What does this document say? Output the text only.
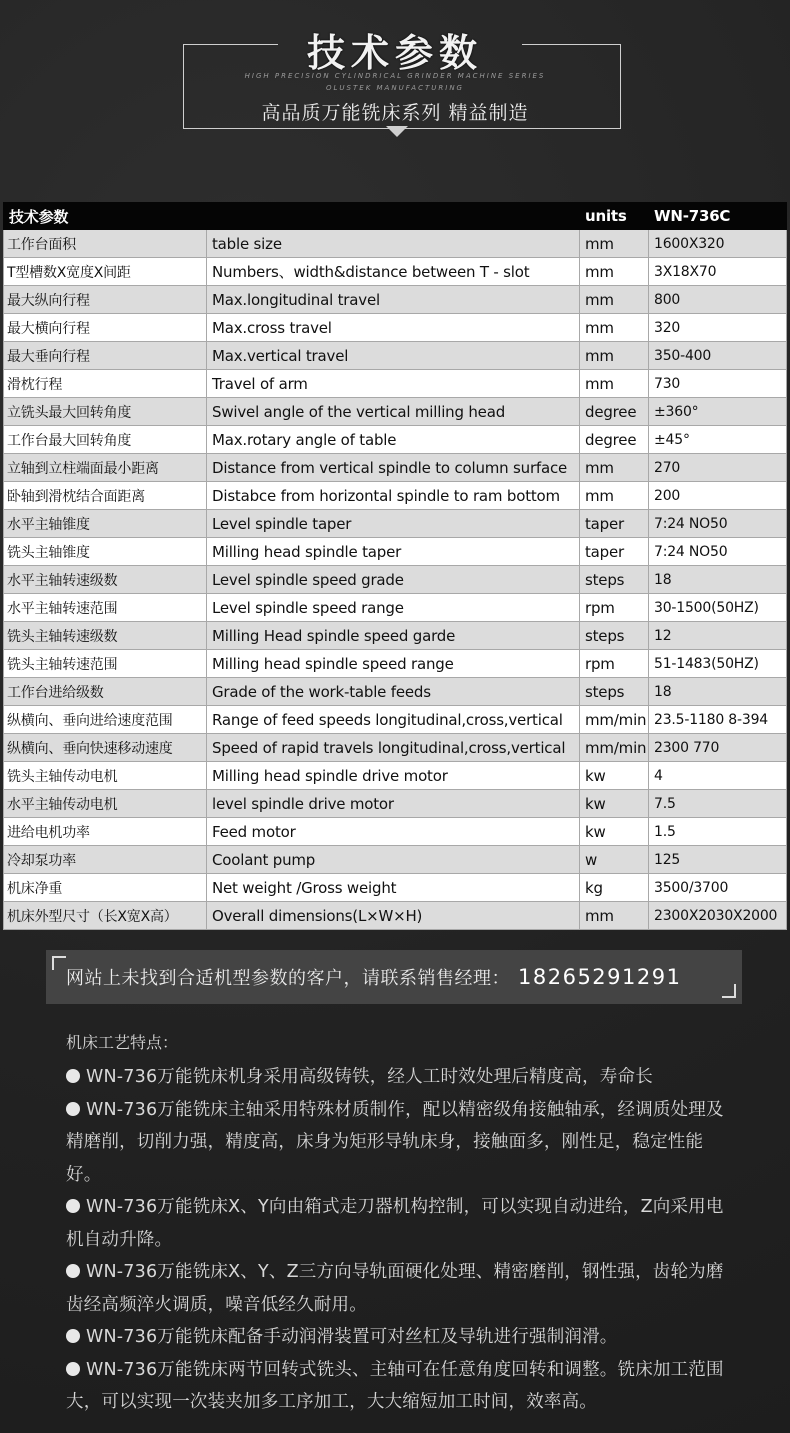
技术参数
HIGH PRECISION CYLINDRICAL GRINDER MACHINE SERIES
OLUSTEK MANUFACTURING
高品质万能铣床系列 精益制造
技术参数		units	WN-736C
工作台面积	table size	mm	1600X320
T型槽数X宽度X间距	Numbers、width&distance between T - slot	mm	3X18X70
最大纵向行程	Max.longitudinal travel	mm	800
最大横向行程	Max.cross travel	mm	320
最大垂向行程	Max.vertical travel	mm	350-400
滑枕行程	Travel of arm	mm	730
立铣头最大回转角度	Swivel angle of the vertical milling head	degree	±360°
工作台最大回转角度	Max.rotary angle of table	degree	±45°
立轴到立柱端面最小距离	Distance from vertical spindle to column surface	mm	270
卧轴到滑枕结合面距离	Distabce from horizontal spindle to ram bottom	mm	200
水平主轴锥度	Level spindle taper	taper	7:24 NO50
铣头主轴锥度	Milling head spindle taper	taper	7:24 NO50
水平主轴转速级数	Level spindle speed grade	steps	18
水平主轴转速范围	Level spindle speed range	rpm	30-1500(50HZ)
铣头主轴转速级数	Milling Head spindle speed garde	steps	12
铣头主轴转速范围	Milling head spindle speed range	rpm	51-1483(50HZ)
工作台进给级数	Grade of the work-table feeds	steps	18
纵横向、垂向进给速度范围	Range of feed speeds longitudinal,cross,vertical	mm/min	23.5-1180 8-394
纵横向、垂向快速移动速度	Speed of rapid travels longitudinal,cross,vertical	mm/min	2300 770
铣头主轴传动电机	Milling head spindle drive motor	kw	4
水平主轴传动电机	level spindle drive motor	kw	7.5
进给电机功率	Feed motor	kw	1.5
冷却泵功率	Coolant pump	w	125
机床净重	Net weight /Gross weight	kg	3500/3700
机床外型尺寸（长X宽X高）	Overall dimensions(L×W×H)	mm	2300X2030X2000
网站上未找到合适机型参数的客户，请联系销售经理： 18265291291
机床工艺特点：
WN-736万能铣床机身采用高级铸铁，经人工时效处理后精度高，寿命长
WN-736万能铣床主轴采用特殊材质制作，配以精密级角接触轴承，经调质处理及精磨削，切削力强，精度高，床身为矩形导轨床身，接触面多，刚性足，稳定性能好。
WN-736万能铣床X、Y向由箱式走刀器机构控制，可以实现自动进给，Z向采用电机自动升降。
WN-736万能铣床X、Y、Z三方向导轨面硬化处理、精密磨削，钢性强，齿轮为磨齿经高频淬火调质，噪音低经久耐用。
WN-736万能铣床配备手动润滑装置可对丝杠及导轨进行强制润滑。
WN-736万能铣床两节回转式铣头、主轴可在任意角度回转和调整。铣床加工范围大，可以实现一次装夹加多工序加工，大大缩短加工时间，效率高。
